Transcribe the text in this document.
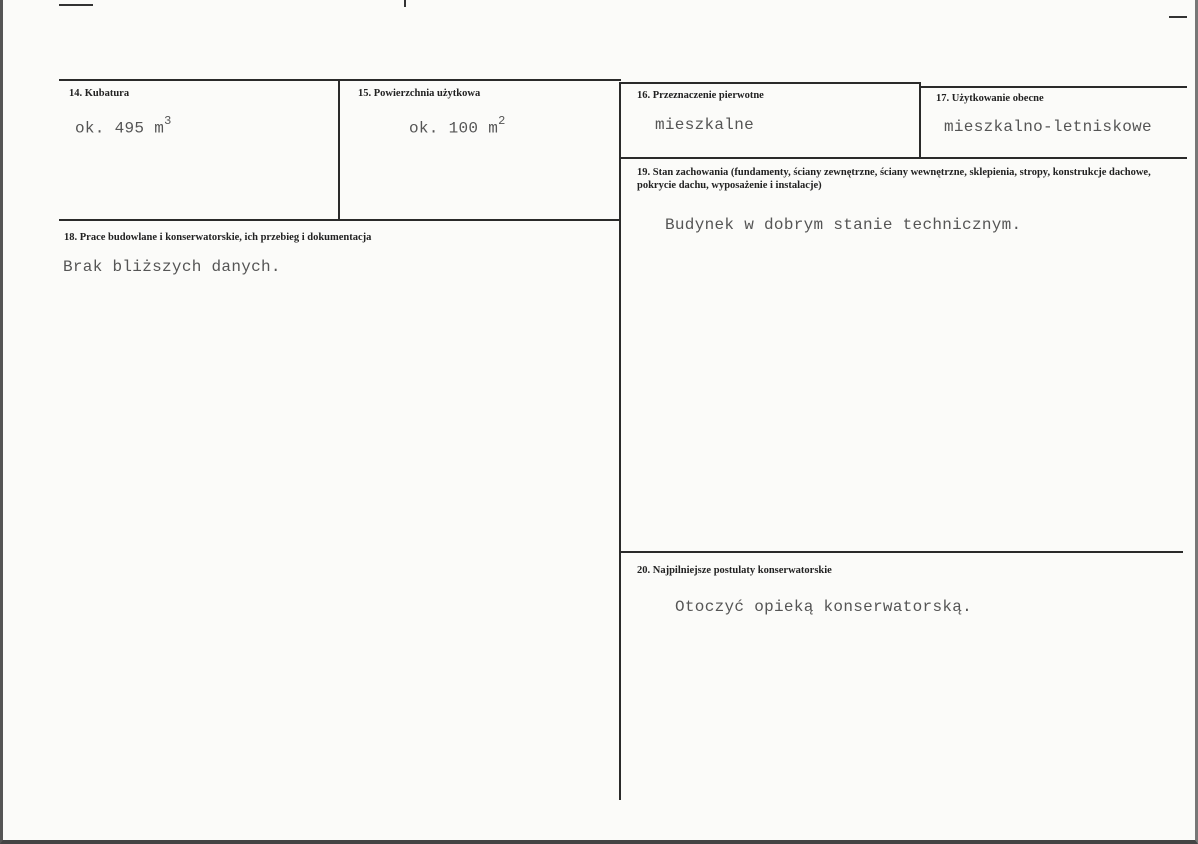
14. Kubatura
ok. 495 $m^3$
15. Powierzchnia użytkowa
ok. 100 $m^2$
16. Przeznaczenie pierwotne
mieszkalne
17. Użytkowanie obecne
mieszkalno-letniskowe
18. Prace budowlane i konserwatorskie, ich przebieg i dokumentacja
Brak bliższych danych.
19. Stan zachowania (fundamenty, ściany zewnętrzne, ściany wewnętrzne, sklepienia, stropy, konstrukcje dachowe, pokrycie dachu, wyposażenie i instalacje)
Budynek w dobrym stanie technicznym.
20. Najpilniejsze postulaty konserwatorskie
Otoczyć opieką konserwatorską.
